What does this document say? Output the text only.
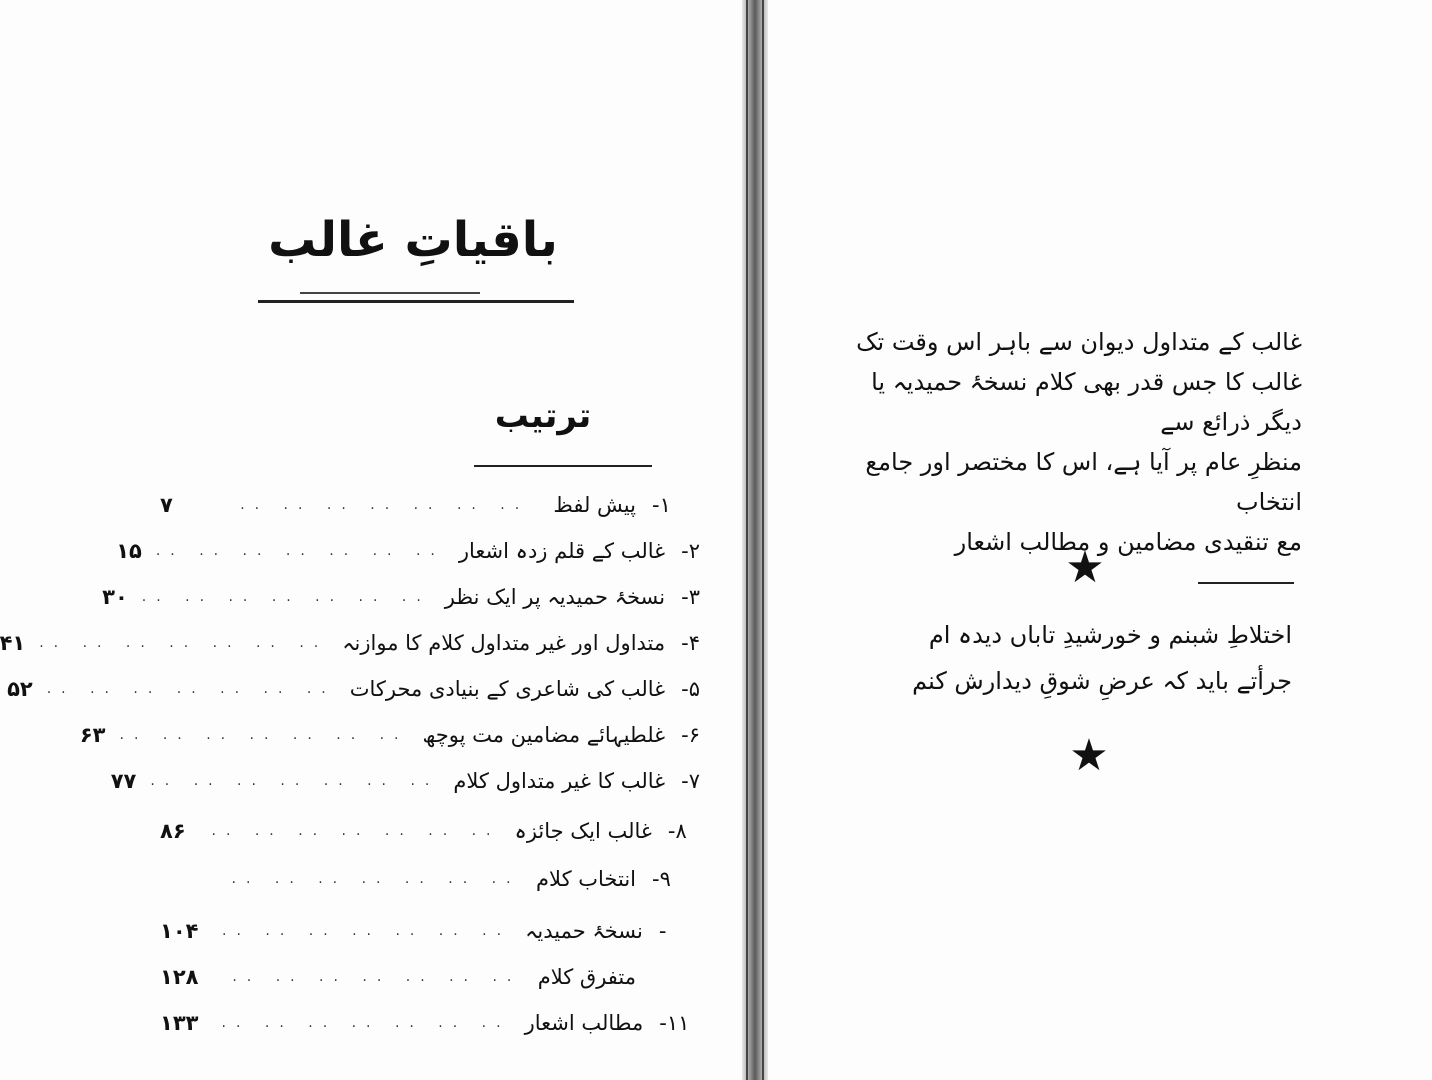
باقیاتِ غالب
ترتیب
۱-
پیش لفظ
.. .. .. .. .. .. ..
۷
۲-
غالب کے قلم زدہ اشعار
.. .. .. .. .. .. ..
۱۵
۳-
نسخۂ حمیدیہ پر ایک نظر
.. .. .. .. .. .. ..
۳۰
۴-
متداول اور غیر متداول کلام کا موازنہ
.. .. .. .. .. .. ..
۴۱
۵-
غالب کی شاعری کے بنیادی محرکات
.. .. .. .. .. .. ..
۵۲
۶-
غلطیہائے مضامین مت پوچھ
.. .. .. .. .. .. ..
۶۳
۷-
غالب کا غیر متداول کلام
.. .. .. .. .. .. ..
۷۷
۸-
غالب ایک جائزہ
.. .. .. .. .. .. ..
۸۶
۹-
انتخاب کلام
.. .. .. .. .. .. ..
-
نسخۂ حمیدیہ
.. .. .. .. .. .. ..
۱۰۴
متفرق کلام
.. .. .. .. .. .. ..
۱۲۸
۱۱-
مطالب اشعار
.. .. .. .. .. .. ..
۱۳۳
غالب کے متداول دیوان سے باہر اس وقت تک
غالب کا جس قدر بھی کلام نسخۂ حمیدیہ یا دیگر ذرائع سے
منظرِ عام پر آیا ہے، اس کا مختصر اور جامع انتخاب
مع تنقیدی مضامین و مطالب اشعار
★
اختلاطِ شبنم و خورشیدِ تاباں دیدہ ام
جرأتے باید کہ عرضِ شوقِ دیدارش کنم
★
